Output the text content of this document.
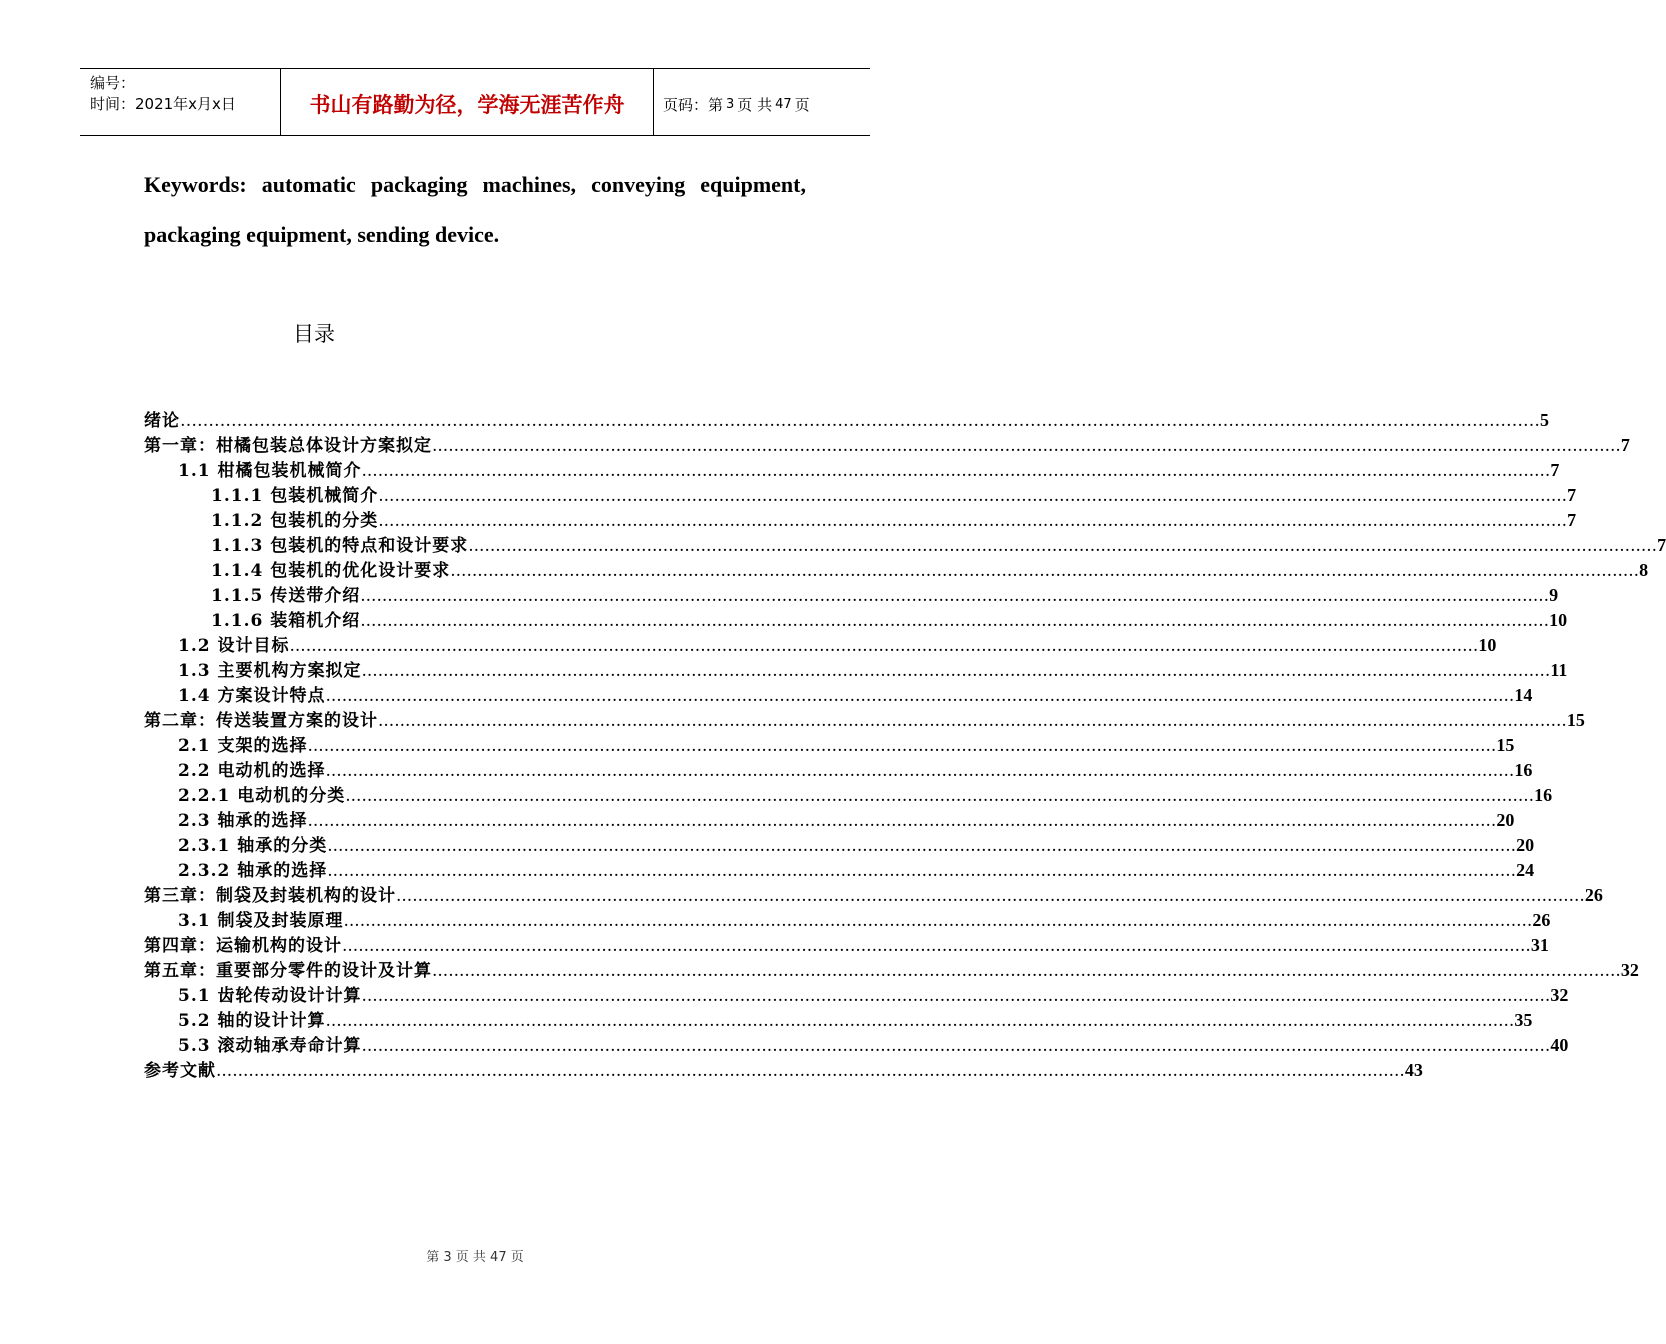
编号：
时间：2021年x月x日	书山有路勤为径，学海无涯苦作舟	页码：第 3 页 共 47 页
Keywords: automatic packaging machines, conveying equipment, packaging equipment, sending device.
目录
绪论 …………………………………………………………………………………………………………………………………………………………………………………………………………………… 5
第一章：柑橘包装总体设计方案拟定 ............................................................................................................................................................................................................................ 7
1.1 柑橘包装机械简介 ............................................................................................................................................................................................................................ 7
1.1.1 包装机械简介 ............................................................................................................................................................................................................................ 7
1.1.2 包装机的分类 ............................................................................................................................................................................................................................ 7
1.1.3 包装机的特点和设计要求 ............................................................................................................................................................................................................................ 7
1.1.4 包装机的优化设计要求 ............................................................................................................................................................................................................................ 8
1.1.5 传送带介绍 ............................................................................................................................................................................................................................ 9
1.1.6 装箱机介绍 ............................................................................................................................................................................................................................ 10
1.2 设计目标 ............................................................................................................................................................................................................................ 10
1.3 主要机构方案拟定 ............................................................................................................................................................................................................................ 11
1.4 方案设计特点 ............................................................................................................................................................................................................................ 14
第二章：传送装置方案的设计 ............................................................................................................................................................................................................................ 15
2.1 支架的选择 ............................................................................................................................................................................................................................ 15
2.2 电动机的选择 ............................................................................................................................................................................................................................ 16
2.2.1 电动机的分类 ............................................................................................................................................................................................................................ 16
2.3 轴承的选择 ............................................................................................................................................................................................................................ 20
2.3.1 轴承的分类 ............................................................................................................................................................................................................................ 20
2.3.2 轴承的选择 ............................................................................................................................................................................................................................ 24
第三章：制袋及封装机构的设计 ............................................................................................................................................................................................................................ 26
3.1 制袋及封装原理 ............................................................................................................................................................................................................................ 26
第四章：运输机构的设计 ............................................................................................................................................................................................................................ 31
第五章：重要部分零件的设计及计算 ............................................................................................................................................................................................................................ 32
5.1 齿轮传动设计计算 ............................................................................................................................................................................................................................ 32
5.2 轴的设计计算 ............................................................................................................................................................................................................................ 35
5.3 滚动轴承寿命计算 ............................................................................................................................................................................................................................ 40
参考文献 ............................................................................................................................................................................................................................ 43
第 3 页 共 47 页
